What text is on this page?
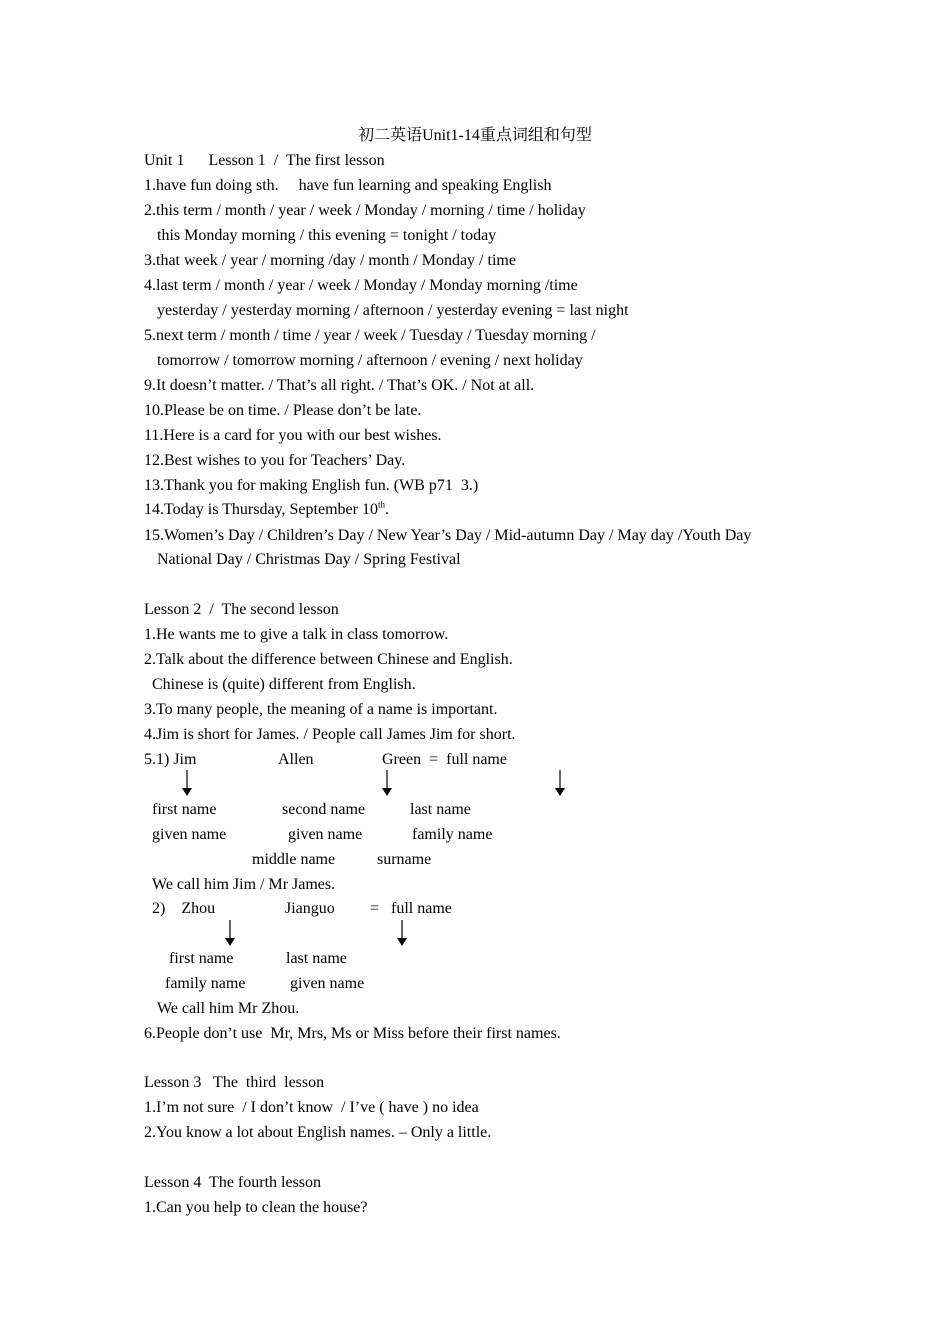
初二英语Unit1-14重点词组和句型
Unit 1      Lesson 1  /  The first lesson
1.have fun doing sth.     have fun learning and speaking English
2.this term / month / year / week / Monday / morning / time / holiday
this Monday morning / this evening = tonight / today
3.that week / year / morning /day / month / Monday / time
4.last term / month / year / week / Monday / Monday morning /time
yesterday / yesterday morning / afternoon / yesterday evening = last night
5.next term / month / time / year / week / Tuesday / Tuesday morning /
tomorrow / tomorrow morning / afternoon / evening / next holiday
9.It doesn’t matter. / That’s all right. / That’s OK. / Not at all.
10.Please be on time. / Please don’t be late.
11.Here is a card for you with our best wishes.
12.Best wishes to you for Teachers’ Day.
13.Thank you for making English fun. (WB p71  3.)
14.Today is Thursday, September 10th.
15.Women’s Day / Children’s Day / New Year’s Day / Mid-autumn Day / May day /Youth Day
National Day / Christmas Day / Spring Festival
Lesson 2  /  The second lesson
1.He wants me to give a talk in class tomorrow.
2.Talk about the difference between Chinese and English.
Chinese is (quite) different from English.
3.To many people, the meaning of a name is important.
4.Jim is short for James. / People call James Jim for short.
5.1) Jim	Allen	Green  =  full name
first name	second name	last name
given name	given name	family name
middle name	surname
We call him Jim / Mr James.
2)    Zhou	Jianguo =   full name
first name	last name
family name	given name
We call him Mr Zhou.
6.People don’t use  Mr, Mrs, Ms or Miss before their first names.
Lesson 3   The  third  lesson
1.I’m not sure  / I don’t know  / I’ve ( have ) no idea
2.You know a lot about English names. – Only a little.
Lesson 4  The fourth lesson
1.Can you help to clean the house?
